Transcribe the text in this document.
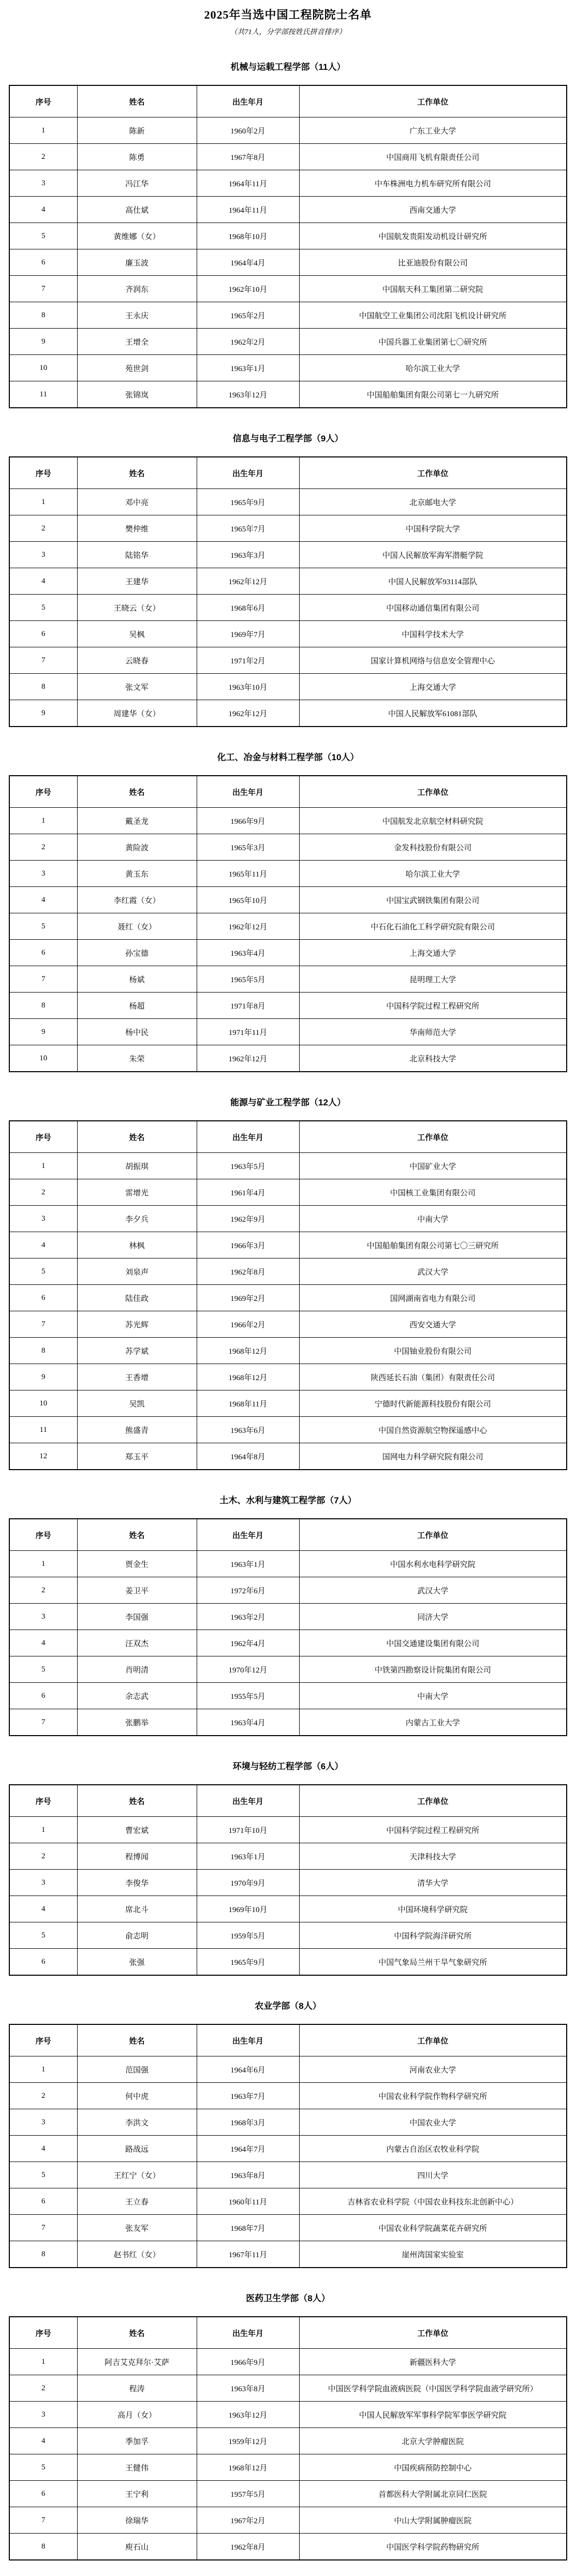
2025年当选中国工程院院士名单
（共71人，分学部按姓氏拼音排序）
机械与运载工程学部（11人）
序号	姓名	出生年月	工作单位
1	陈新	1960年2月	广东工业大学
2	陈勇	1967年8月	中国商用飞机有限责任公司
3	冯江华	1964年11月	中车株洲电力机车研究所有限公司
4	高仕斌	1964年11月	西南交通大学
5	黄维娜（女）	1968年10月	中国航发贵阳发动机设计研究所
6	廉玉波	1964年4月	比亚迪股份有限公司
7	齐润东	1962年10月	中国航天科工集团第二研究院
8	王永庆	1965年2月	中国航空工业集团公司沈阳飞机设计研究所
9	王增全	1962年2月	中国兵器工业集团第七〇研究所
10	苑世剑	1963年1月	哈尔滨工业大学
11	张锦岚	1963年12月	中国船舶集团有限公司第七一九研究所
信息与电子工程学部（9人）
序号	姓名	出生年月	工作单位
1	邓中亮	1965年9月	北京邮电大学
2	樊仲维	1965年7月	中国科学院大学
3	陆铭华	1963年3月	中国人民解放军海军潜艇学院
4	王建华	1962年12月	中国人民解放军93114部队
5	王晓云（女）	1968年6月	中国移动通信集团有限公司
6	吴枫	1969年7月	中国科学技术大学
7	云晓春	1971年2月	国家计算机网络与信息安全管理中心
8	张文军	1963年10月	上海交通大学
9	周建华（女）	1962年12月	中国人民解放军61081部队
化工、冶金与材料工程学部（10人）
序号	姓名	出生年月	工作单位
1	戴圣龙	1966年9月	中国航发北京航空材料研究院
2	黄险波	1965年3月	金发科技股份有限公司
3	黄玉东	1965年11月	哈尔滨工业大学
4	李红霞（女）	1965年10月	中国宝武钢铁集团有限公司
5	聂红（女）	1962年12月	中石化石油化工科学研究院有限公司
6	孙宝德	1963年4月	上海交通大学
7	杨斌	1965年5月	昆明理工大学
8	杨超	1971年8月	中国科学院过程工程研究所
9	杨中民	1971年11月	华南师范大学
10	朱荣	1962年12月	北京科技大学
能源与矿业工程学部（12人）
序号	姓名	出生年月	工作单位
1	胡振琪	1963年5月	中国矿业大学
2	雷增光	1961年4月	中国核工业集团有限公司
3	李夕兵	1962年9月	中南大学
4	林枫	1966年3月	中国船舶集团有限公司第七〇三研究所
5	刘泉声	1962年8月	武汉大学
6	陆佳政	1969年2月	国网湖南省电力有限公司
7	苏光辉	1966年2月	西安交通大学
8	苏学斌	1968年12月	中国铀业股份有限公司
9	王香增	1968年12月	陕西延长石油（集团）有限责任公司
10	吴凯	1968年11月	宁德时代新能源科技股份有限公司
11	熊盛青	1963年6月	中国自然资源航空物探遥感中心
12	郑玉平	1964年8月	国网电力科学研究院有限公司
土木、水利与建筑工程学部（7人）
序号	姓名	出生年月	工作单位
1	贾金生	1963年1月	中国水利水电科学研究院
2	姜卫平	1972年6月	武汉大学
3	李国强	1963年2月	同济大学
4	汪双杰	1962年4月	中国交通建设集团有限公司
5	肖明清	1970年12月	中铁第四勘察设计院集团有限公司
6	余志武	1955年5月	中南大学
7	张鹏举	1963年4月	内蒙古工业大学
环境与轻纺工程学部（6人）
序号	姓名	出生年月	工作单位
1	曹宏斌	1971年10月	中国科学院过程工程研究所
2	程博闻	1963年1月	天津科技大学
3	李俊华	1970年9月	清华大学
4	席北斗	1969年10月	中国环境科学研究院
5	俞志明	1959年5月	中国科学院海洋研究所
6	张强	1965年9月	中国气象局兰州干旱气象研究所
农业学部（8人）
序号	姓名	出生年月	工作单位
1	范国强	1964年6月	河南农业大学
2	何中虎	1963年7月	中国农业科学院作物科学研究所
3	李洪文	1968年3月	中国农业大学
4	路战远	1964年7月	内蒙古自治区农牧业科学院
5	王红宁（女）	1963年8月	四川大学
6	王立春	1960年11月	吉林省农业科学院（中国农业科技东北创新中心）
7	张友军	1968年7月	中国农业科学院蔬菜花卉研究所
8	赵书红（女）	1967年11月	崖州湾国家实验室
医药卫生学部（8人）
序号	姓名	出生年月	工作单位
1	阿吉艾克拜尔·艾萨	1966年9月	新疆医科大学
2	程涛	1963年8月	中国医学科学院血液病医院（中国医学科学院血液学研究所）
3	高月（女）	1963年12月	中国人民解放军军事科学院军事医学研究院
4	季加孚	1959年12月	北京大学肿瘤医院
5	王健伟	1968年12月	中国疾病预防控制中心
6	王宁利	1957年5月	首都医科大学附属北京同仁医院
7	徐瑞华	1967年2月	中山大学附属肿瘤医院
8	庾石山	1962年8月	中国医学科学院药物研究所
